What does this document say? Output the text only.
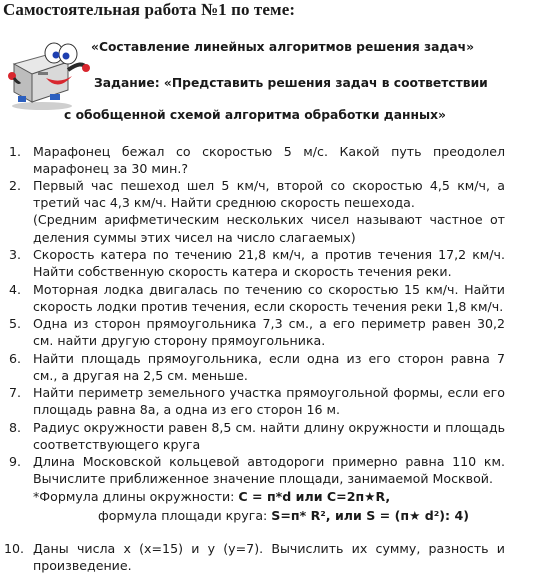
Самостоятельная работа №1 по теме:
«Составление линейных алгоритмов решения задач»
Задание: «Представить решения задач в соответствии
с обобщенной схемой алгоритма обработки данных»
1. Марафонец бежал со скоростью 5 м/с. Какой путь преодолел марафонец за 30 мин.?
2. Первый час пешеход шел 5 км/ч, второй со скоростью 4,5 км/ч, а третий час 4,3 км/ч. Найти среднюю скорость пешехода.
(Средним арифметическим нескольких чисел называют частное от деления суммы этих чисел на число слагаемых)
3. Скорость катера по течению 21,8 км/ч, а против течения 17,2 км/ч. Найти собственную скорость катера и скорость течения реки.
4. Моторная лодка двигалась по течению со скоростью 15 км/ч. Найти скорость лодки против течения, если скорость течения реки 1,8 км/ч.
5. Одна из сторон прямоугольника 7,3 см., а его периметр равен 30,2 см. найти другую сторону прямоугольника.
6. Найти площадь прямоугольника, если одна из его сторон равна 7 см., а другая на 2,5 см. меньше.
7. Найти периметр земельного участка прямоугольной формы, если его площадь равна 8а, а одна из его сторон 16 м.
8. Радиус окружности равен 8,5 см. найти длину окружности и площадь соответствующего круга
9. Длина Московской кольцевой автодороги примерно равна 110 км. Вычислите приближенное значение площади, занимаемой Москвой.
*Формула длины окружности: C = п*d или C=2п★R,
формула площади круга: S=п* R², или S = (п★ d²): 4)
10. Даны числа x (x=15) и y (y=7). Вычислить их сумму, разность и произведение.
